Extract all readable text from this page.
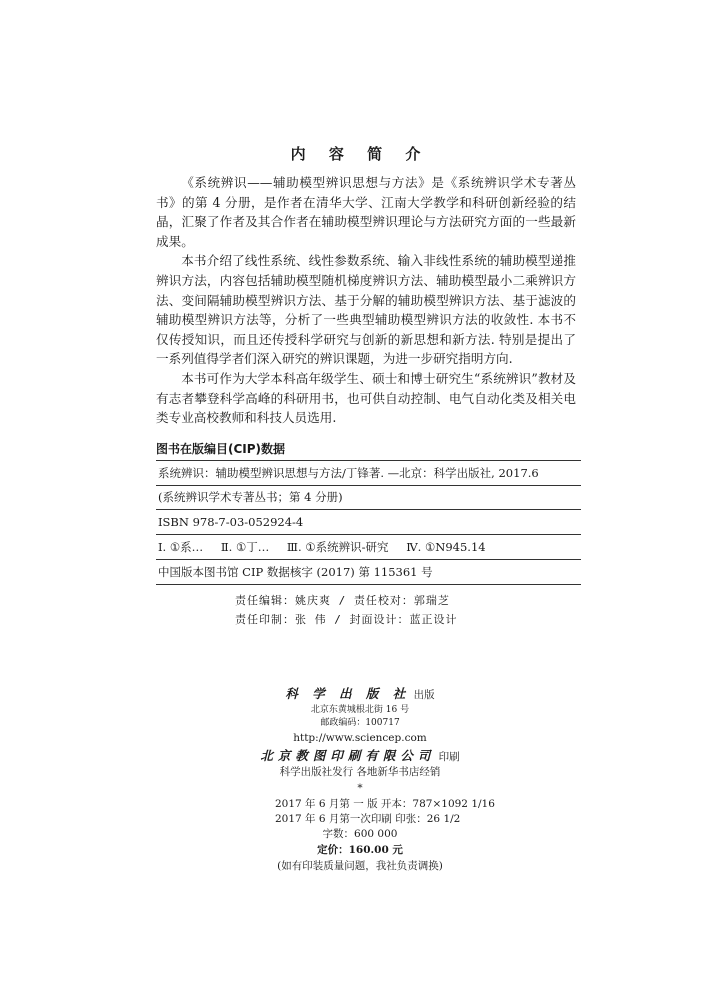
内 容 简 介

《系统辨识——辅助模型辨识思想与方法》是《系统辨识学术专著丛书》的第 4 分册，是作者在清华大学、江南大学教学和科研创新经验的结晶，汇聚了作者及其合作者在辅助模型辨识理论与方法研究方面的一些最新成果。

本书介绍了线性系统、线性参数系统、输入非线性系统的辅助模型递推辨识方法，内容包括辅助模型随机梯度辨识方法、辅助模型最小二乘辨识方法、变间隔辅助模型辨识方法、基于分解的辅助模型辨识方法、基于滤波的辅助模型辨识方法等，分析了一些典型辅助模型辨识方法的收敛性. 本书不仅传授知识，而且还传授科学研究与创新的新思想和新方法. 特别是提出了一系列值得学者们深入研究的辨识课题，为进一步研究指明方向.

本书可作为大学本科高年级学生、硕士和博士研究生“系统辨识”教材及有志者攀登科学高峰的科研用书，也可供自动控制、电气自动化类及相关电类专业高校教师和科技人员选用.

图书在版编目(CIP)数据
系统辨识：辅助模型辨识思想与方法/丁锋著. —北京：科学出版社, 2017.6
(系统辨识学术专著丛书；第 4 分册)
ISBN 978-7-03-052924-4
Ⅰ. ①系… Ⅱ. ①丁… Ⅲ. ①系统辨识-研究 Ⅳ. ①N945.14
中国版本图书馆 CIP 数据核字 (2017) 第 115361 号
责任编辑：姚庆爽 / 责任校对：郭瑞芝
责任印制：张 伟 / 封面设计：蓝正设计
科 学 出 版 社 出版
北京东黄城根北街 16 号
邮政编码：100717
http://www.sciencep.com
北京教图印刷有限公司 印刷
科学出版社发行 各地新华书店经销
*
2017 年 6 月第 一 版 开本：787×1092 1/16
2017 年 6 月第一次印刷 印张：26 1/2
字数：600 000
定价：160.00 元
(如有印装质量问题，我社负责调换)
